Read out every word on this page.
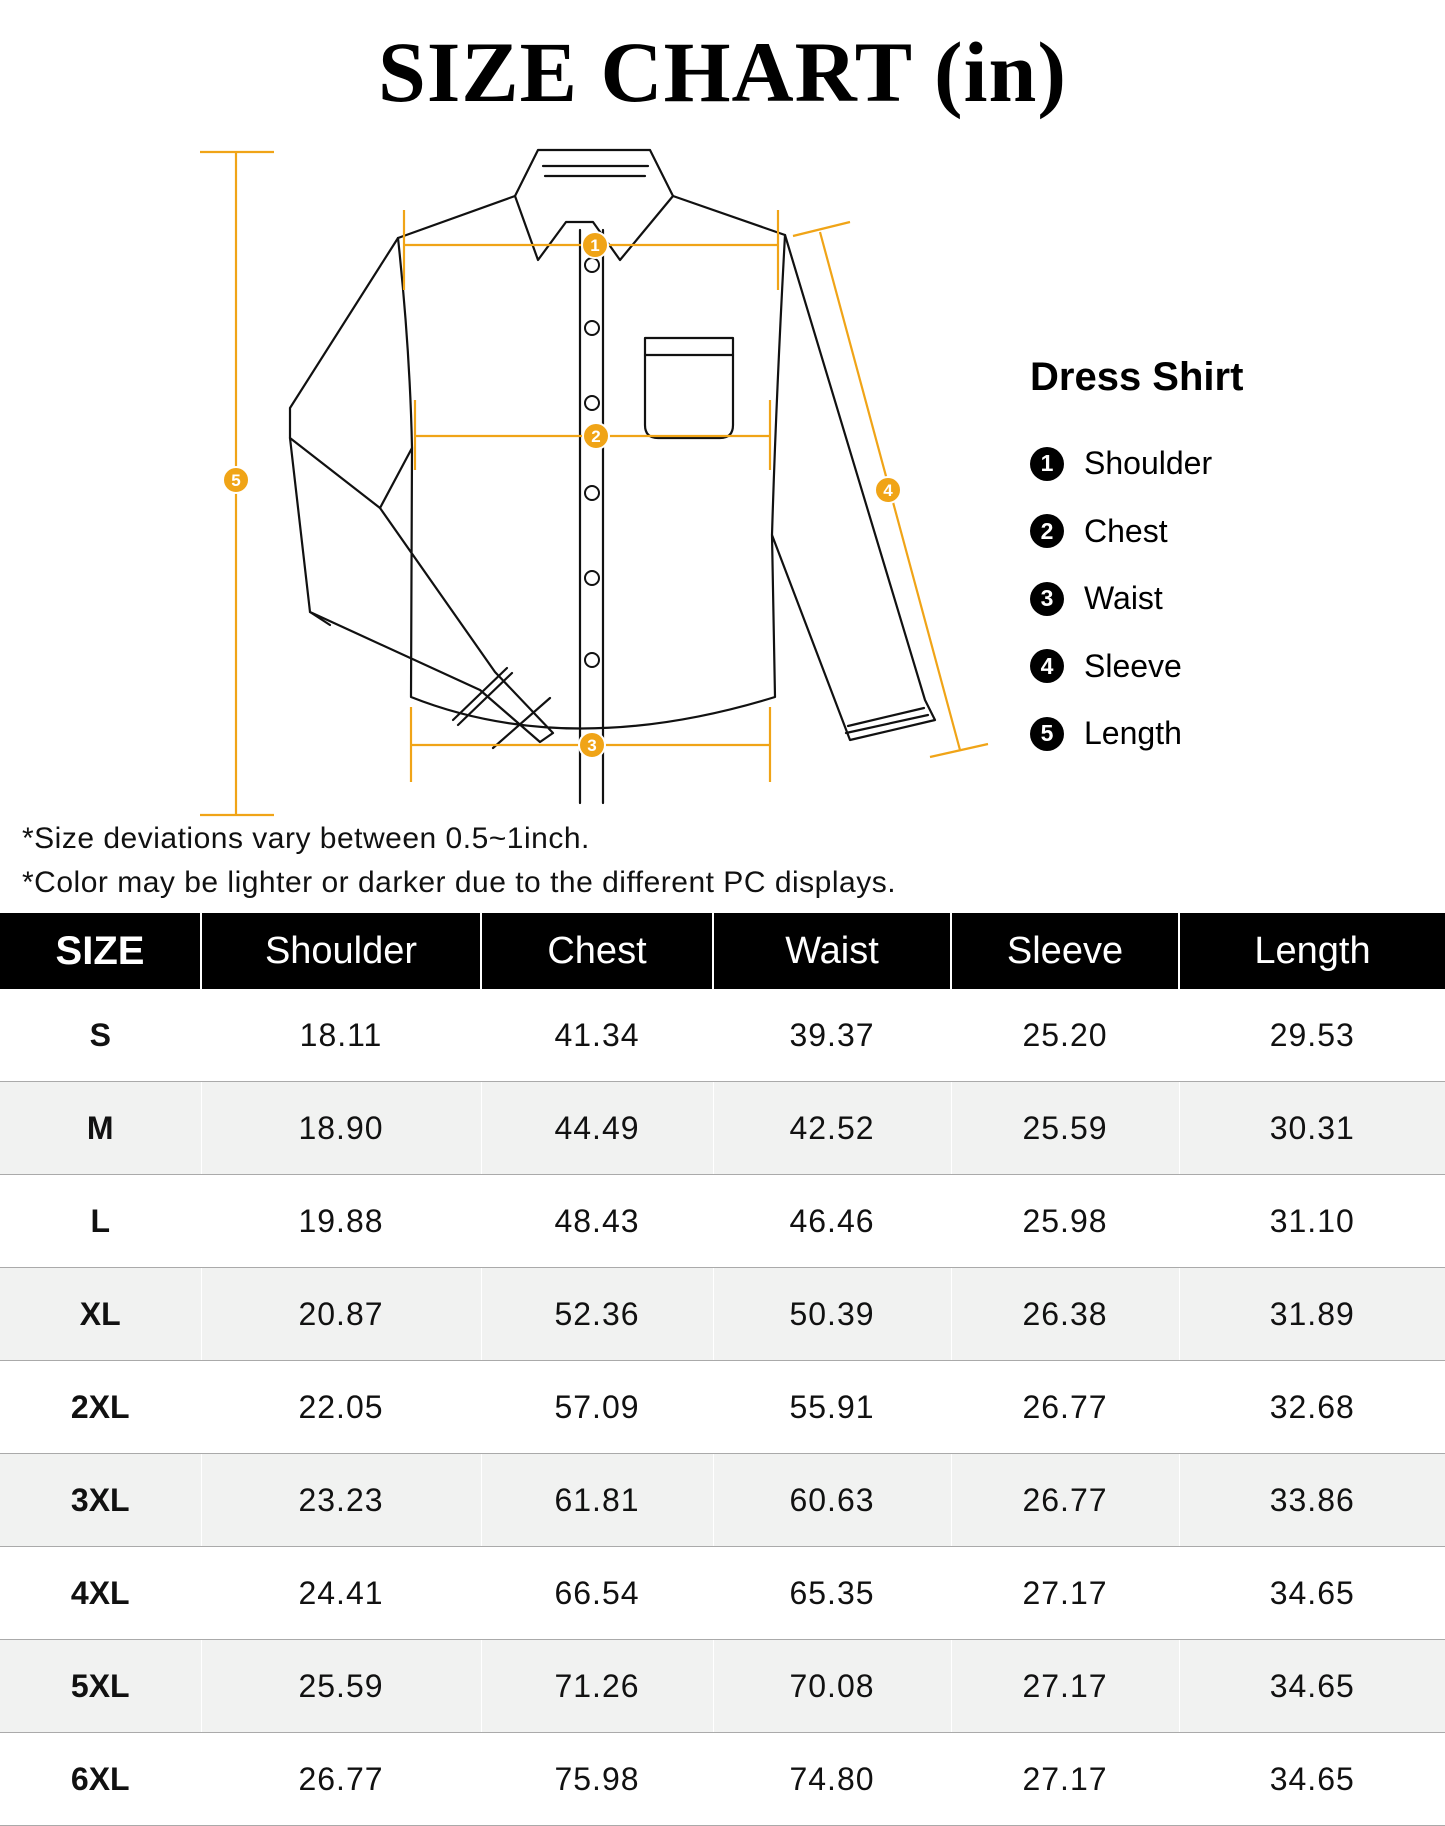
SIZE CHART (in)
1
2
3
4
5
Dress Shirt
1 Shoulder
2 Chest
3 Waist
4 Sleeve
5 Length
*Size deviations vary between 0.5~1inch.
*Color may be lighter or darker due to the different PC displays.
SIZE	Shoulder	Chest	Waist	Sleeve	Length
S	18.11	41.34	39.37	25.20	29.53
M	18.90	44.49	42.52	25.59	30.31
L	19.88	48.43	46.46	25.98	31.10
XL	20.87	52.36	50.39	26.38	31.89
2XL	22.05	57.09	55.91	26.77	32.68
3XL	23.23	61.81	60.63	26.77	33.86
4XL	24.41	66.54	65.35	27.17	34.65
5XL	25.59	71.26	70.08	27.17	34.65
6XL	26.77	75.98	74.80	27.17	34.65
